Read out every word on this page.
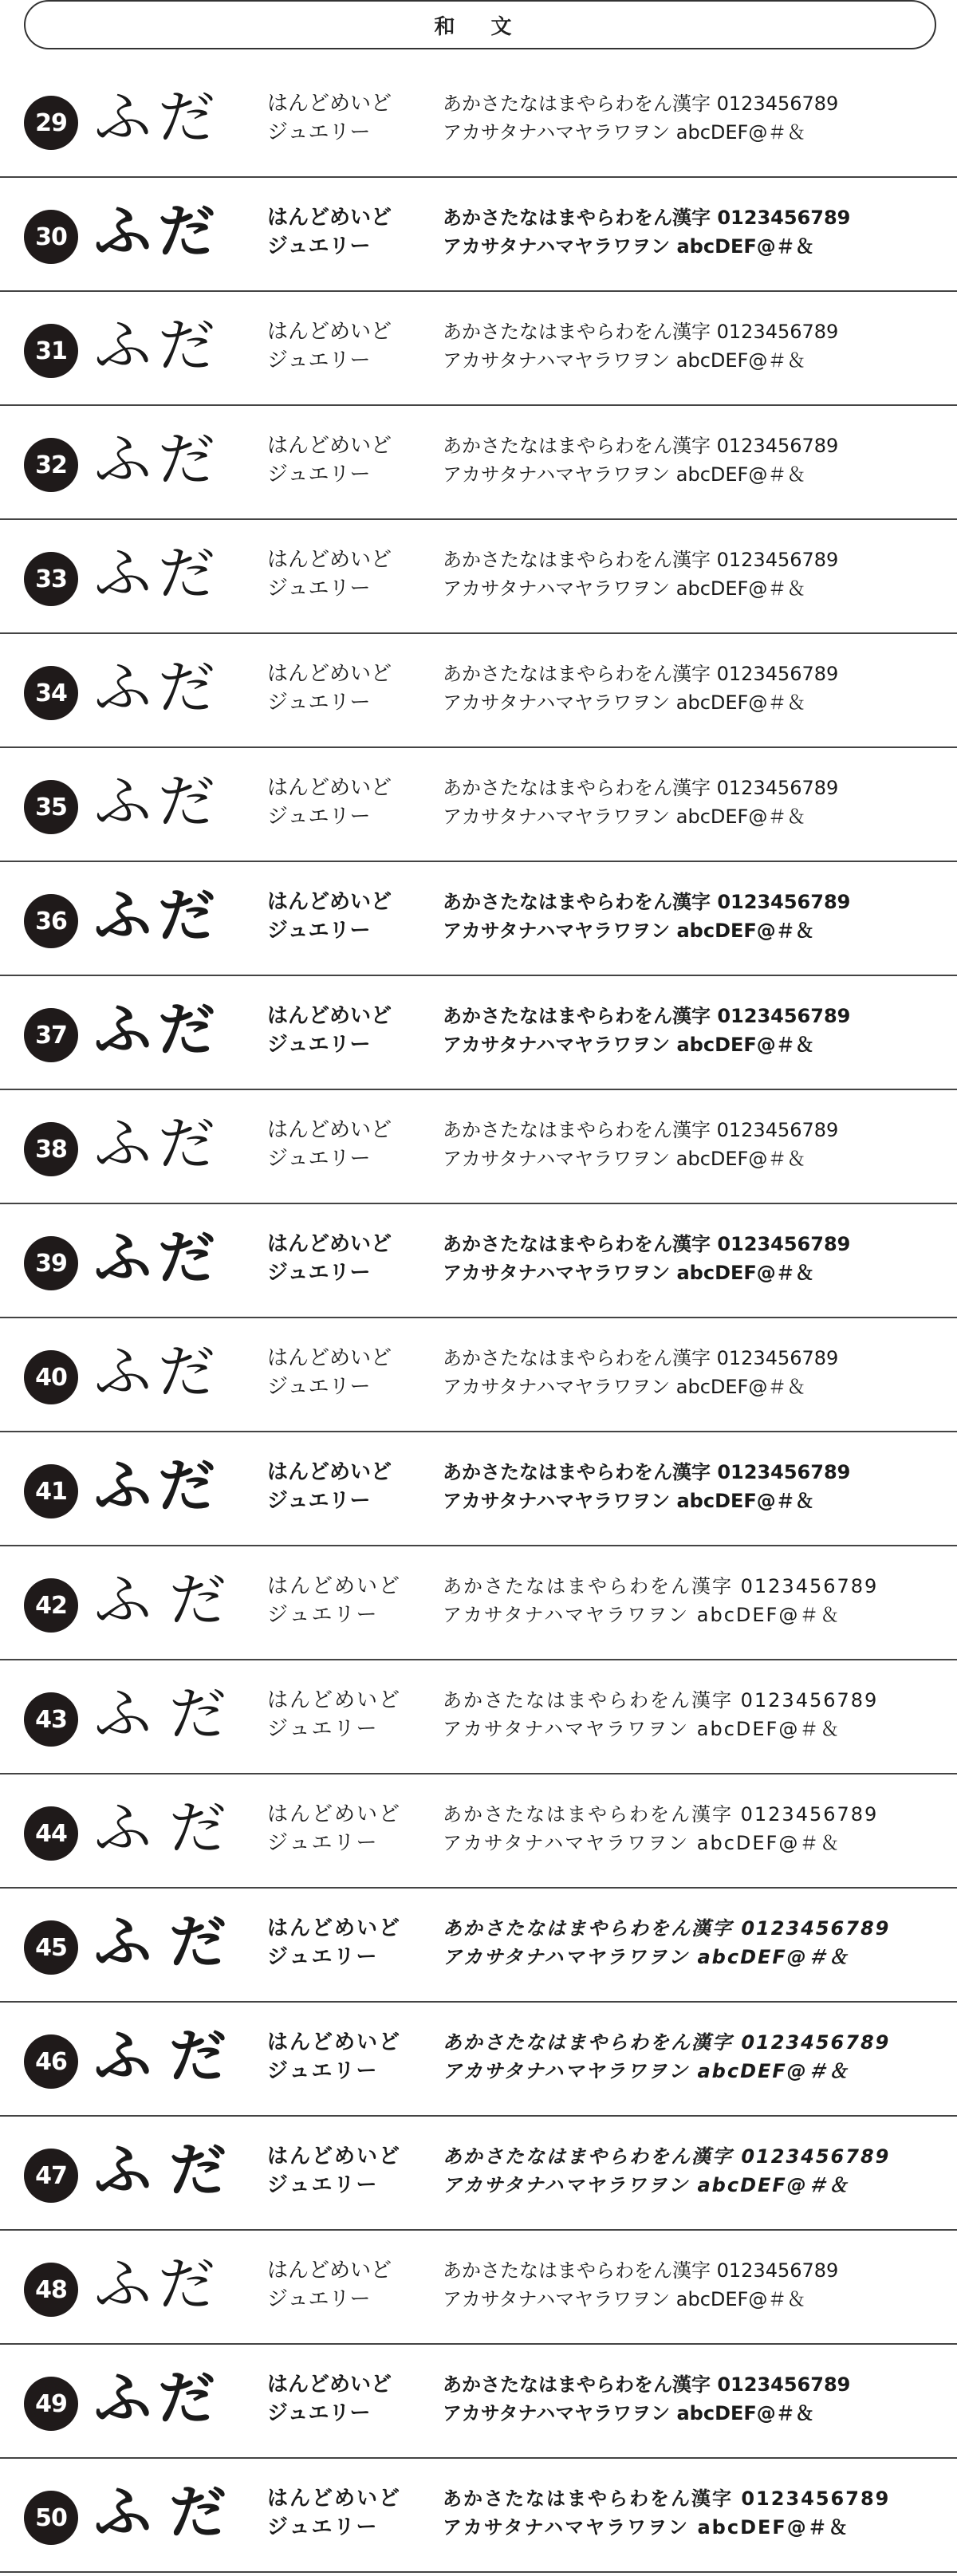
和 文
29 ふだ	はんどめいど
ジュエリー
あかさたなはまやらわをん漢字 0123456789
アカサタナハマヤラワヲン abcDEF@＃＆
30 ふだ	はんどめいど
ジュエリー
あかさたなはまやらわをん漢字 0123456789
アカサタナハマヤラワヲン abcDEF@＃＆
31 ふだ	はんどめいど
ジュエリー
あかさたなはまやらわをん漢字 0123456789
アカサタナハマヤラワヲン abcDEF@＃＆
32 ふだ	はんどめいど
ジュエリー
あかさたなはまやらわをん漢字 0123456789
アカサタナハマヤラワヲン abcDEF@＃＆
33 ふだ	はんどめいど
ジュエリー
あかさたなはまやらわをん漢字 0123456789
アカサタナハマヤラワヲン abcDEF@＃＆
34 ふだ	はんどめいど
ジュエリー
あかさたなはまやらわをん漢字 0123456789
アカサタナハマヤラワヲン abcDEF@＃＆
35 ふだ	はんどめいど
ジュエリー
あかさたなはまやらわをん漢字 0123456789
アカサタナハマヤラワヲン abcDEF@＃＆
36 ふだ	はんどめいど
ジュエリー
あかさたなはまやらわをん漢字 0123456789
アカサタナハマヤラワヲン abcDEF@＃＆
37 ふだ	はんどめいど
ジュエリー
あかさたなはまやらわをん漢字 0123456789
アカサタナハマヤラワヲン abcDEF@＃＆
38 ふだ	はんどめいど
ジュエリー
あかさたなはまやらわをん漢字 0123456789
アカサタナハマヤラワヲン abcDEF@＃＆
39 ふだ	はんどめいど
ジュエリー
あかさたなはまやらわをん漢字 0123456789
アカサタナハマヤラワヲン abcDEF@＃＆
40 ふだ	はんどめいど
ジュエリー
あかさたなはまやらわをん漢字 0123456789
アカサタナハマヤラワヲン abcDEF@＃＆
41 ふだ	はんどめいど
ジュエリー
あかさたなはまやらわをん漢字 0123456789
アカサタナハマヤラワヲン abcDEF@＃＆
42 ふだ	はんどめいど
ジュエリー
あかさたなはまやらわをん漢字 0123456789
アカサタナハマヤラワヲン abcDEF@＃＆
43 ふだ	はんどめいど
ジュエリー
あかさたなはまやらわをん漢字 0123456789
アカサタナハマヤラワヲン abcDEF@＃＆
44 ふだ	はんどめいど
ジュエリー
あかさたなはまやらわをん漢字 0123456789
アカサタナハマヤラワヲン abcDEF@＃＆
45 ふだ	はんどめいど
ジュエリー
あかさたなはまやらわをん漢字 0123456789
アカサタナハマヤラワヲン abcDEF@＃＆
46 ふだ	はんどめいど
ジュエリー
あかさたなはまやらわをん漢字 0123456789
アカサタナハマヤラワヲン abcDEF@＃＆
47 ふだ	はんどめいど
ジュエリー
あかさたなはまやらわをん漢字 0123456789
アカサタナハマヤラワヲン abcDEF@＃＆
48 ふだ	はんどめいど
ジュエリー
あかさたなはまやらわをん漢字 0123456789
アカサタナハマヤラワヲン abcDEF@＃＆
49 ふだ	はんどめいど
ジュエリー
あかさたなはまやらわをん漢字 0123456789
アカサタナハマヤラワヲン abcDEF@＃＆
50 ふだ	はんどめいど
ジュエリー
あかさたなはまやらわをん漢字 0123456789
アカサタナハマヤラワヲン abcDEF@＃＆
